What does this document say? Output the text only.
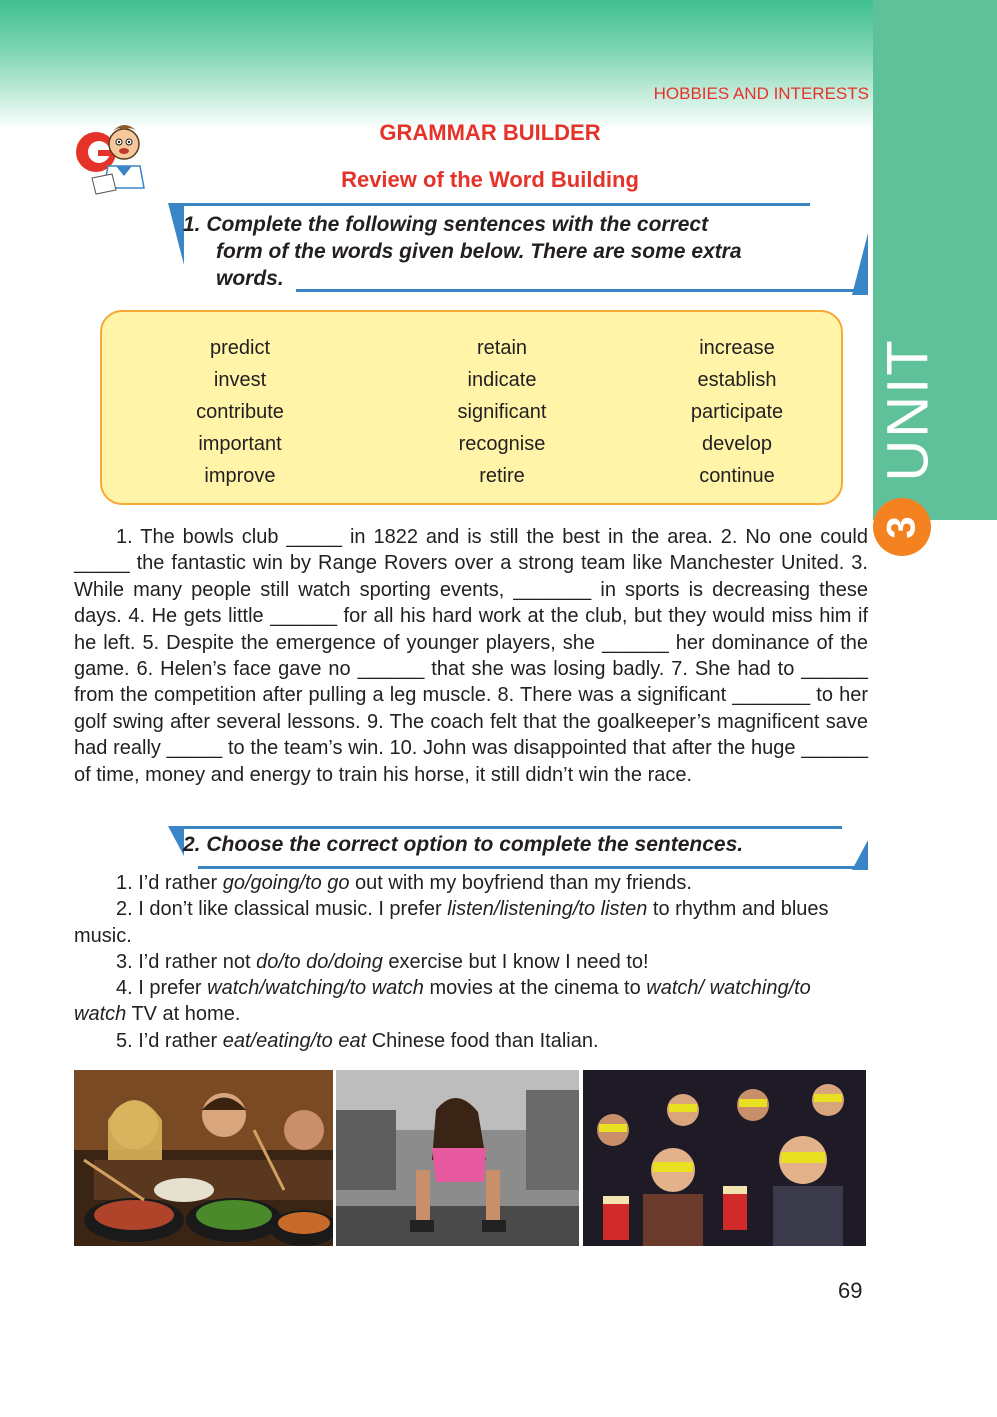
UNIT
3
HOBBIES AND INTERESTS
GRAMMAR BUILDER
Review of the Word Building
1. Complete the following sentences with the correct
form of the words given below. There are some extra
words.
predict
invest
contribute
important
improve
retain
indicate
significant
recognise
retire
increase
establish
participate
develop
continue

1. The bowls club _____ in 1822 and is still the best in the area. 2. No one could _____ the fantastic win by Range Rovers over a strong team like Manchester United. 3. While many people still watch sporting events, _______ in sports is decreasing these days. 4. He gets little ______ for all his hard work at the club, but they would miss him if he left. 5. Despite the emergence of younger players, she ______ her dominance of the game. 6. Helen’s face gave no ______ that she was losing badly. 7. She had to ______ from the competition after pulling a leg muscle. 8. There was a significant _______ to her golf swing after several lessons. 9. The coach felt that the goalkeeper’s magnificent save had really _____ to the team’s win. 10. John was disappointed that after the huge ______ of time, money and energy to train his horse, it still didn’t win the race.

2. Choose the correct option to complete the sentences.

1. I’d rather go/going/to go out with my boyfriend than my friends.

2. I don’t like classical music. I prefer listen/listening/to listen to rhythm and blues music.

3. I’d rather not do/to do/doing exercise but I know I need to!

4. I prefer watch/watching/to watch movies at the cinema to watch/ watching/to watch TV at home.

5. I’d rather eat/eating/to eat Chinese food than Italian.

69
